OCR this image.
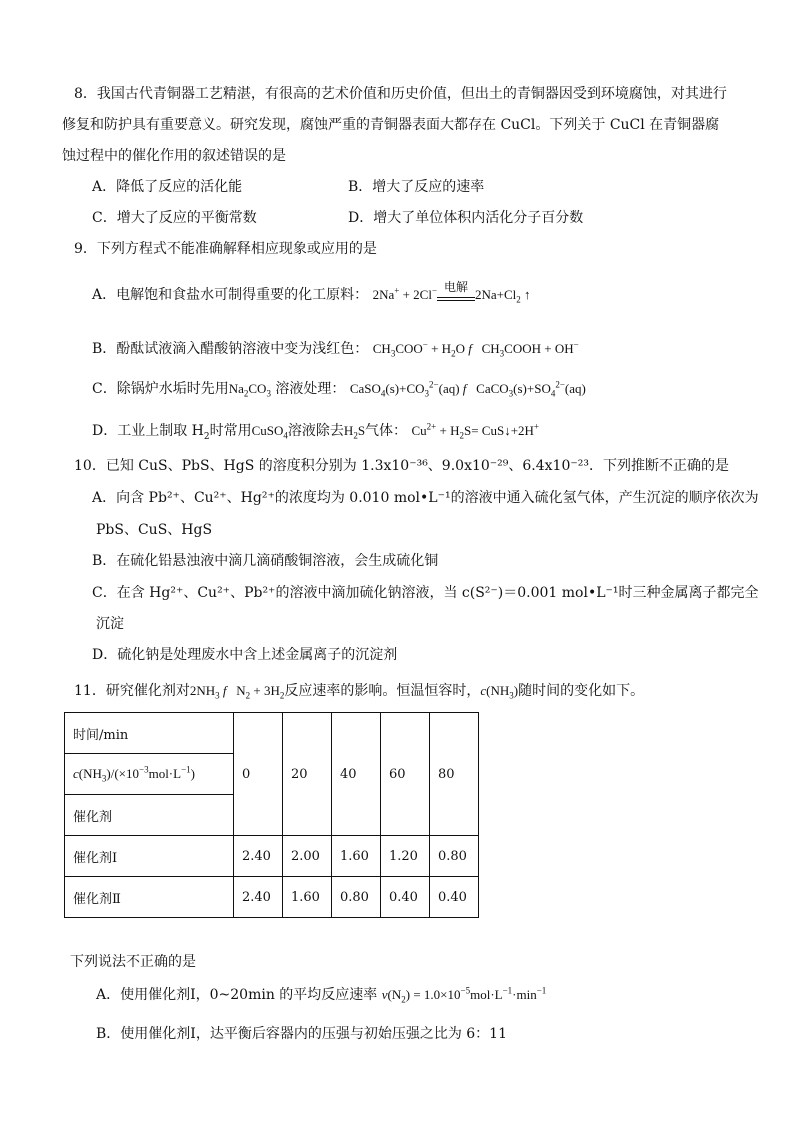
8．我国古代青铜器工艺精湛，有很高的艺术价值和历史价值，但出土的青铜器因受到环境腐蚀，对其进行
修复和防护具有重要意义。研究发现，腐蚀严重的青铜器表面大都存在 CuCl。下列关于 CuCl 在青铜器腐
蚀过程中的催化作用的叙述错误的是
A．降低了反应的活化能	B．增大了反应的速率
C．增大了反应的平衡常数	D．增大了单位体积内活化分子百分数
9．下列方程式不能准确解释相应现象或应用的是
A．电解饱和食盐水可制得重要的化工原料： 2Na+ + 2Cl− 电解 $2Na+Cl_2$ ↑
B．酚酞试液滴入醋酸钠溶液中变为浅红色： $CH_3COO^- + H_2O$ f   $CH_3COOH + OH^-$
C．除锅炉水垢时先用$Na_2CO_3$ 溶液处理： $CaSO_4(s)+CO_3^{2-}(aq)$ f   $CaCO_3(s)+SO_4^{2-}(aq)$
D．工业上制取 $H_2$时常用CuSO$_4$溶液除去$H_2S$气体： $Cu^{2+} + H_2S=$ CuS↓+2H+
10．已知 CuS、PbS、HgS 的溶度积分别为 1.3x10⁻³⁶、9.0x10⁻²⁹、6.4x10⁻²³．下列推断不正确的是
A．向含 Pb²⁺、Cu²⁺、Hg²⁺的浓度均为 0.010 mol•L⁻¹的溶液中通入硫化氢气体，产生沉淀的顺序依次为
PbS、CuS、HgS
B．在硫化铅悬浊液中滴几滴硝酸铜溶液，会生成硫化铜
C．在含 Hg²⁺、Cu²⁺、Pb²⁺的溶液中滴加硫化钠溶液，当 c(S²⁻)＝0.001 mol•L⁻¹时三种金属离子都完全
沉淀
D．硫化钠是处理废水中含上述金属离子的沉淀剂
11．研究催化剂对$2NH_3$ f   $N_2 + 3H_2$反应速率的影响。恒温恒容时，$c(NH_3)$随时间的变化如下。
时间/min	0	20	40	60	80
$c(NH_3)/(\times 10^{-3}mol\cdot L^{-1})$					
催化剂					
催化剂Ⅰ	2.40	2.00	1.60	1.20	0.80
催化剂Ⅱ	2.40	1.60	0.80	0.40	0.40
下列说法不正确的是
A．使用催化剂Ⅰ，0~20min 的平均反应速率 $v(N_2) = 1.0\times 10^{-5}mol\cdot L^{-1}\cdot\min^{-1}$
B．使用催化剂Ⅰ，达平衡后容器内的压强与初始压强之比为 6：11
